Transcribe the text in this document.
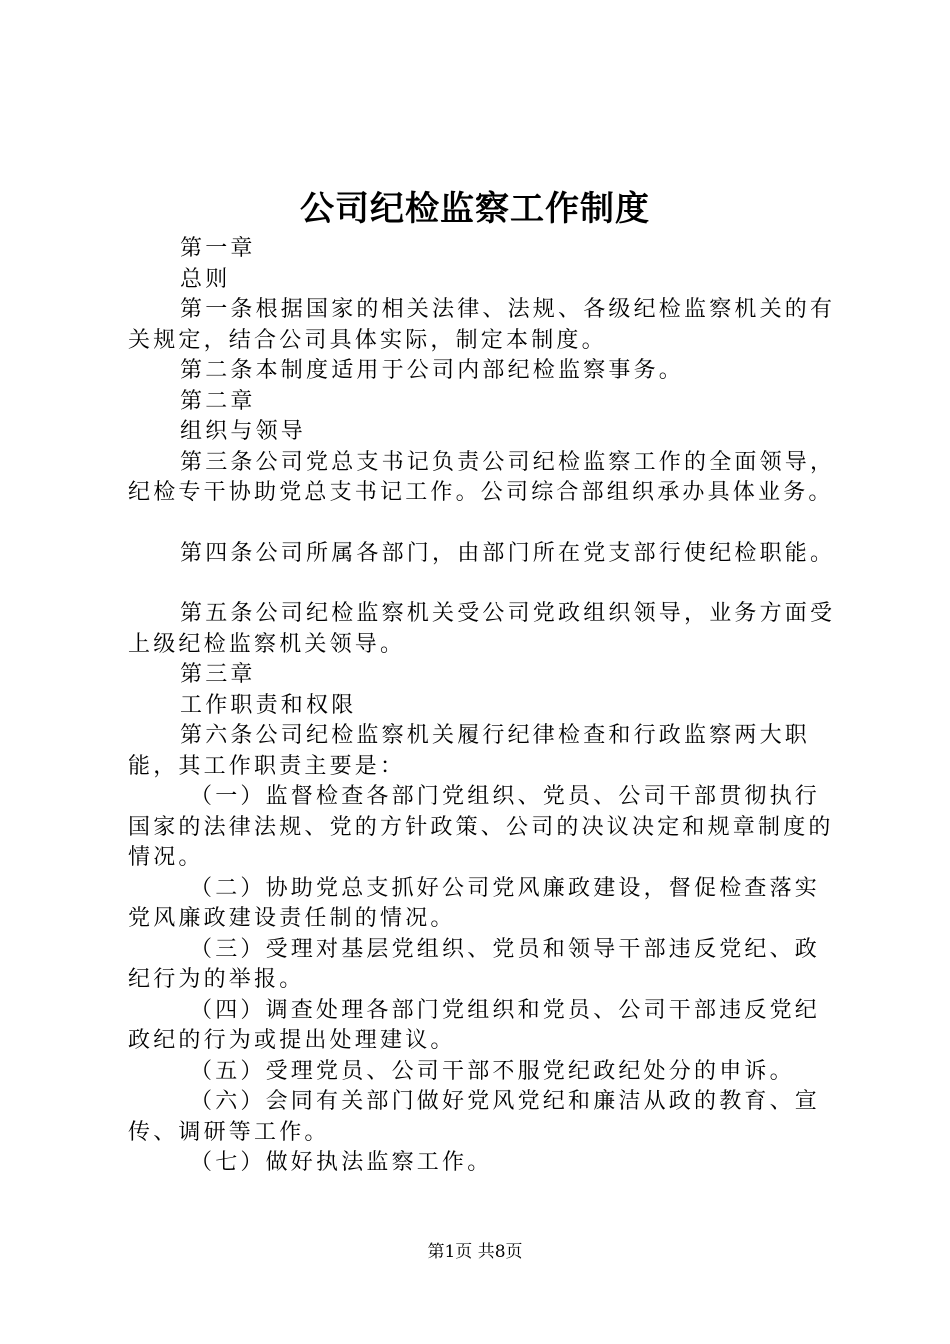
公司纪检监察工作制度

第一章

总则

第一条根据国家的相关法律、法规、各级纪检监察机关的有关规定，结合公司具体实际，制定本制度。

第二条本制度适用于公司内部纪检监察事务。

第二章

组织与领导

第三条公司党总支书记负责公司纪检监察工作的全面领导，纪检专干协助党总支书记工作。公司综合部组织承办具体业务。

第四条公司所属各部门，由部门所在党支部行使纪检职能。

第五条公司纪检监察机关受公司党政组织领导，业务方面受上级纪检监察机关领导。

第三章

工作职责和权限

第六条公司纪检监察机关履行纪律检查和行政监察两大职能，其工作职责主要是：

（一）监督检查各部门党组织、党员、公司干部贯彻执行国家的法律法规、党的方针政策、公司的决议决定和规章制度的情况。

（二）协助党总支抓好公司党风廉政建设，督促检查落实党风廉政建设责任制的情况。

（三）受理对基层党组织、党员和领导干部违反党纪、政纪行为的举报。

（四）调查处理各部门党组织和党员、公司干部违反党纪政纪的行为或提出处理建议。

（五）受理党员、公司干部不服党纪政纪处分的申诉。

（六）会同有关部门做好党风党纪和廉洁从政的教育、宣传、调研等工作。

（七）做好执法监察工作。

第1页 共8页
